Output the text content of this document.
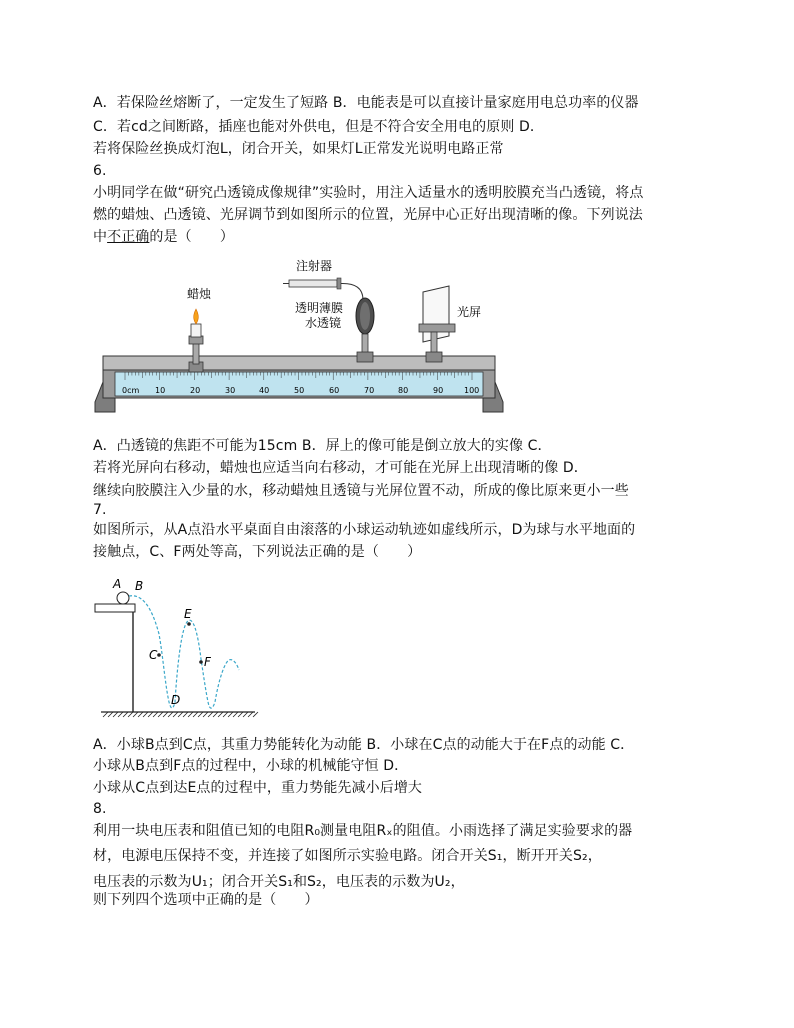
A．若保险丝熔断了，一定发生了短路 B．电能表是可以直接计量家庭用电总功率的仪器
C．若cd之间断路，插座也能对外供电，但是不符合安全用电的原则 D．
若将保险丝换成灯泡L，闭合开关，如果灯L正常发光说明电路正常
6.
小明同学在做“研究凸透镜成像规律”实验时，用注入适量水的透明胶膜充当凸透镜，将点
燃的蜡烛、凸透镜、光屏调节到如图所示的位置，光屏中心正好出现清晰的像。下列说法
中不正确的是（　　）
0cm 10	20	30	40	50	60	70	80	90	100
蜡烛
注射器
透明薄膜
水透镜
光屏
A．凸透镜的焦距不可能为15cm B．屏上的像可能是倒立放大的实像 C．
若将光屏向右移动，蜡烛也应适当向右移动，才可能在光屏上出现清晰的像 D．
继续向胶膜注入少量的水，移动蜡烛且透镜与光屏位置不动，所成的像比原来更小一些
7.
如图所示，从A点沿水平桌面自由滚落的小球运动轨迹如虚线所示，D为球与水平地面的
接触点，C、F两处等高，下列说法正确的是（　　）
A B
C
D
E
F
A．小球B点到C点，其重力势能转化为动能 B．小球在C点的动能大于在F点的动能 C．
小球从B点到F点的过程中，小球的机械能守恒 D．
小球从C点到达E点的过程中，重力势能先减小后增大
8.
利用一块电压表和阻值已知的电阻R₀测量电阻Rₓ的阻值。小雨选择了满足实验要求的器
材，电源电压保持不变，并连接了如图所示实验电路。闭合开关S₁，断开开关S₂，
电压表的示数为U₁；闭合开关S₁和S₂，电压表的示数为U₂，
则下列四个选项中正确的是（　　）
